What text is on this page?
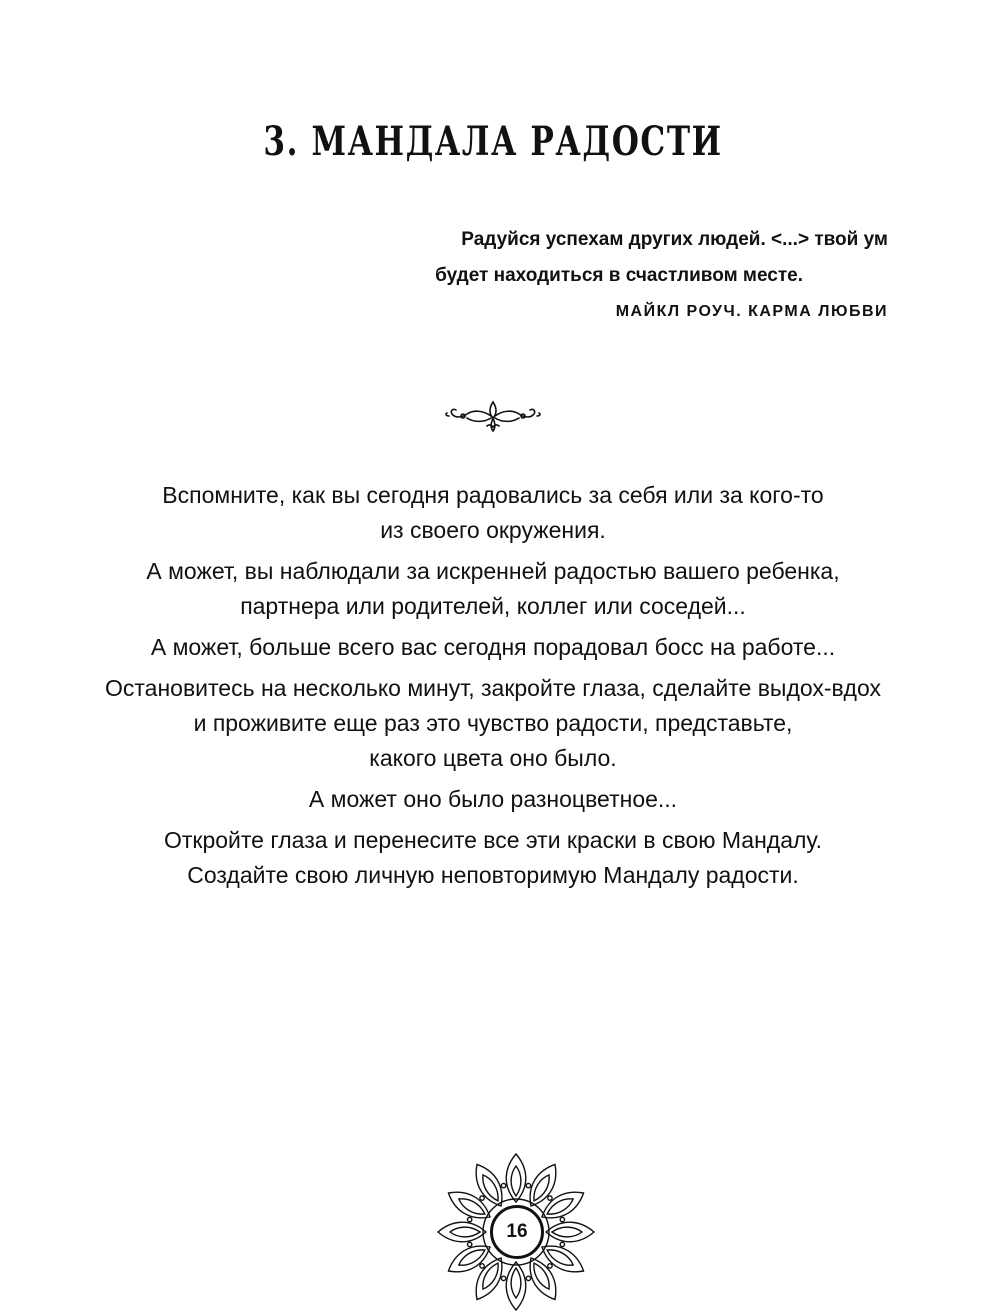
3. МАНДАЛА РАДОСТИ
Радуйся успехам других людей. <...> твой ум
будет находиться в счастливом месте.
МАЙКЛ РОУЧ. КАРМА ЛЮБВИ

Вспомните, как вы сегодня радовались за себя или за кого-то
из своего окружения.

А может, вы наблюдали за искренней радостью вашего ребенка,
партнера или родителей, коллег или соседей...

А может, больше всего вас сегодня порадовал босс на работе...

Остановитесь на несколько минут, закройте глаза, сделайте выдох-вдох
и проживите еще раз это чувство радости, представьте,
какого цвета оно было.

А может оно было разноцветное...

Откройте глаза и перенесите все эти краски в свою Мандалу.
Создайте свою личную неповторимую Мандалу радости.

16
